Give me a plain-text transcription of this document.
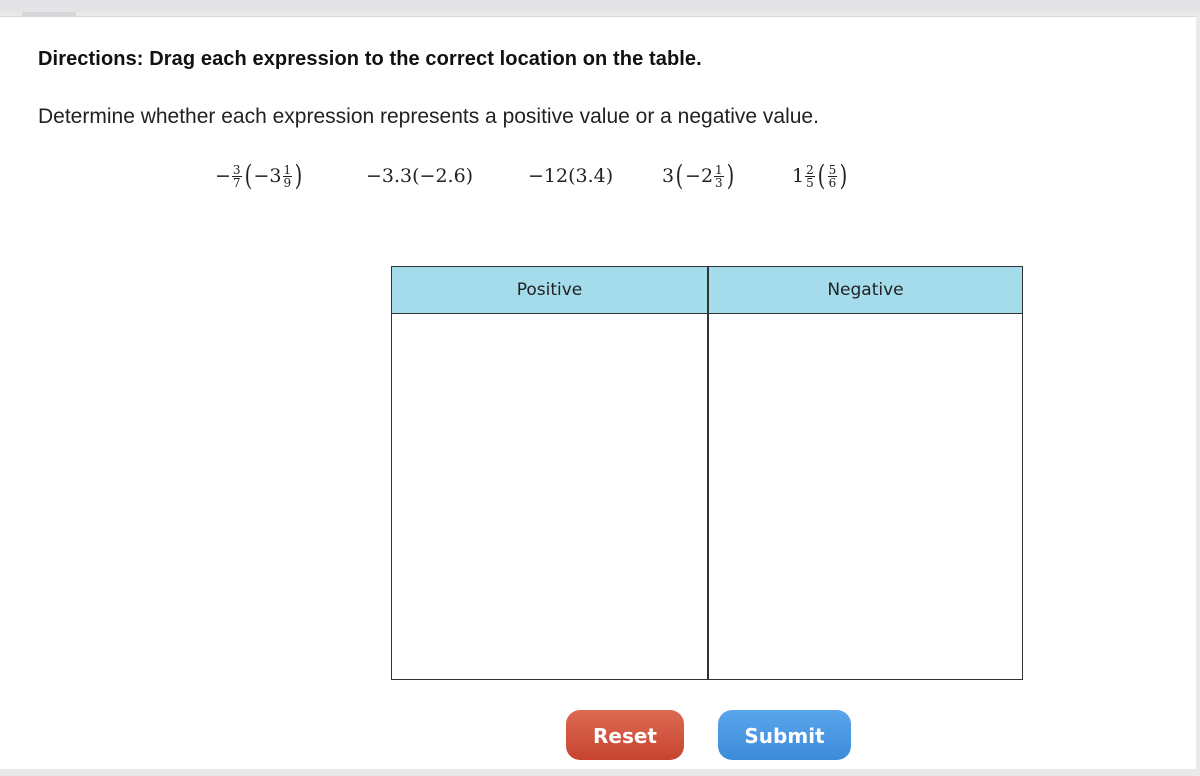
Directions: Drag each expression to the correct location on the table.
Determine whether each expression represents a positive value or a negative value.
− $\frac{3}{7}$ ( $-3 \frac{1}{9}$ )	−3.3(−2.6)	−12(3.4)	3 ( $-2 \frac{1}{3}$ )	$1 \frac{2}{5}$ ( $\frac{5}{6}$ )
Positive	Negative
Reset	Submit
